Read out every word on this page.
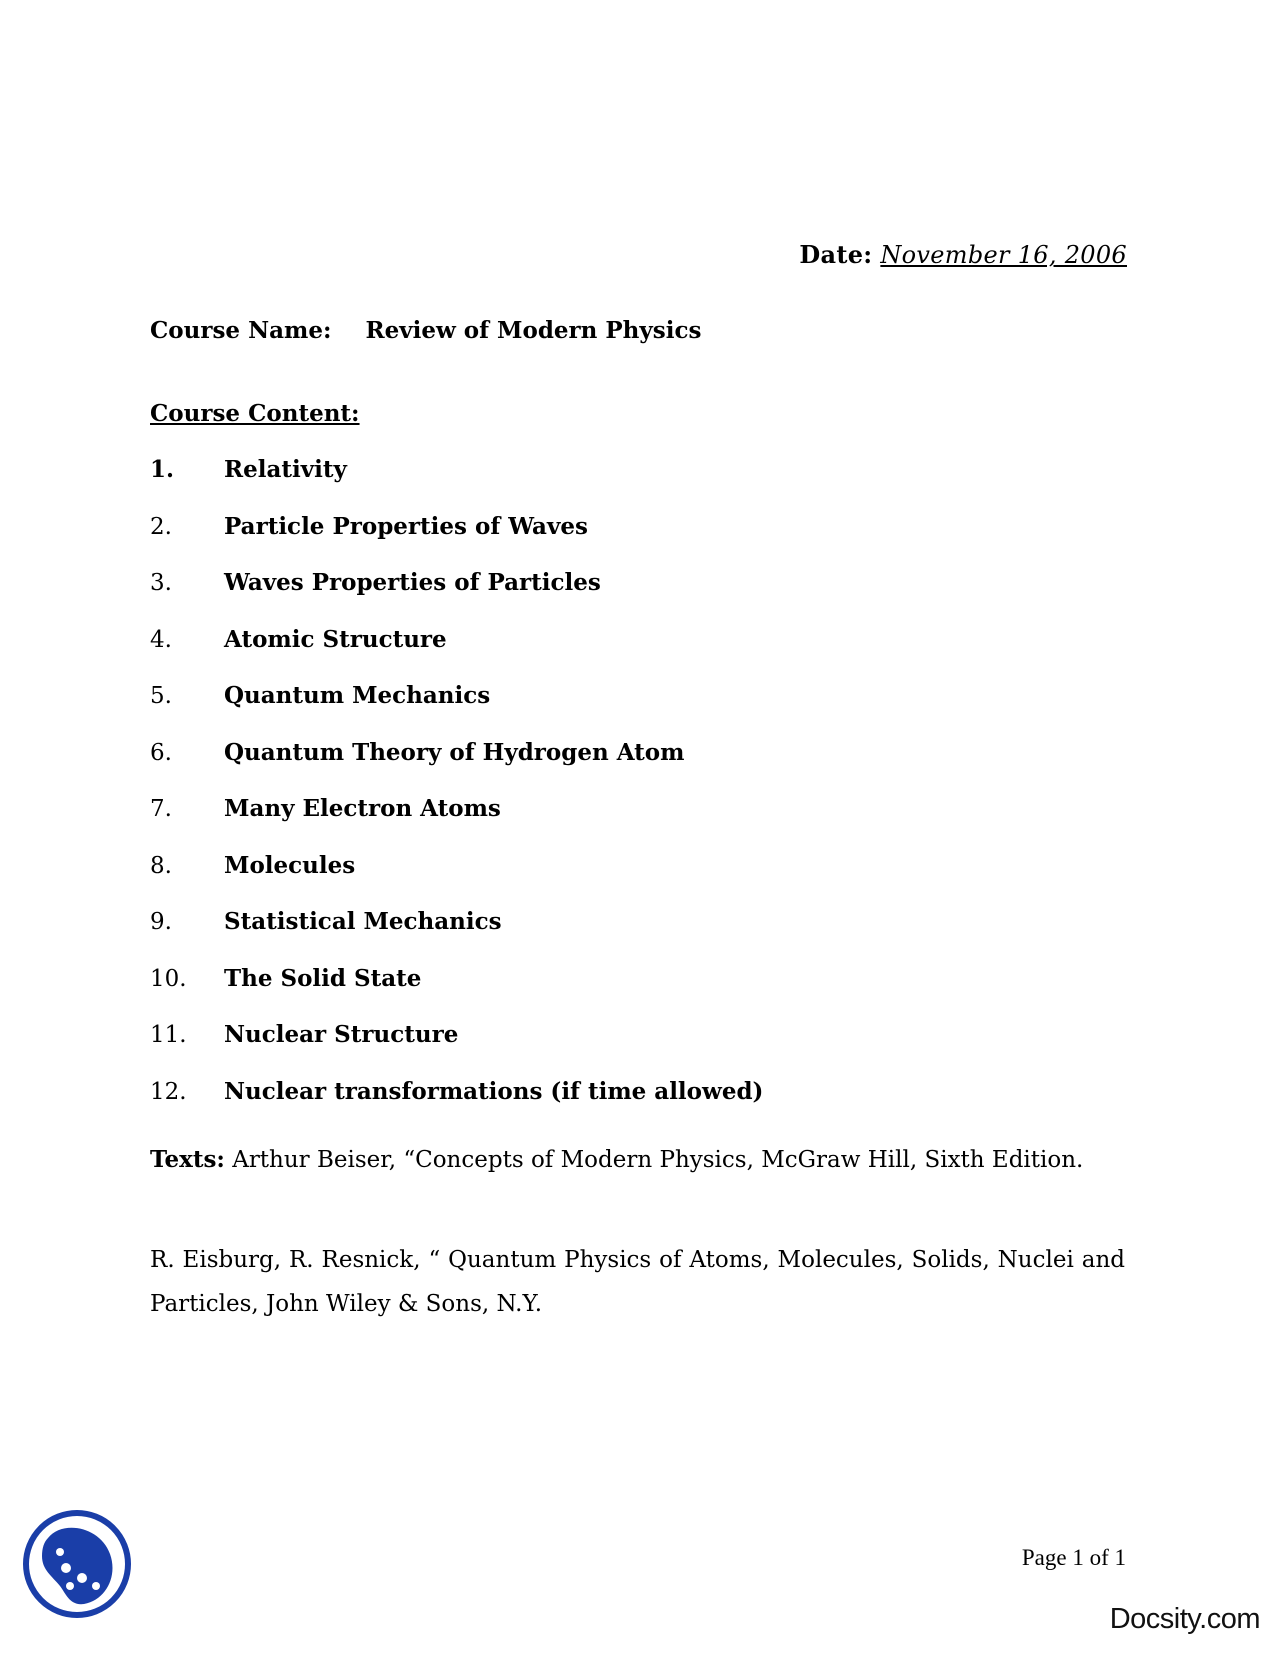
Date: November 16, 2006
Course Name: Review of Modern Physics
Course Content:
1.	Relativity
2.	Particle Properties of Waves
3.	Waves Properties of Particles
4.	Atomic Structure
5.	Quantum Mechanics
6.	Quantum Theory of Hydrogen Atom
7.	Many Electron Atoms
8.	Molecules
9.	Statistical Mechanics
10.	The Solid State
11.	Nuclear Structure
12.	Nuclear transformations (if time allowed)

Texts: Arthur Beiser, “Concepts of Modern Physics, McGraw Hill, Sixth Edition.

R. Eisburg, R. Resnick, “ Quantum Physics of Atoms, Molecules, Solids, Nuclei and Particles, John Wiley & Sons, N.Y.

Page 1 of 1
Docsity.com
